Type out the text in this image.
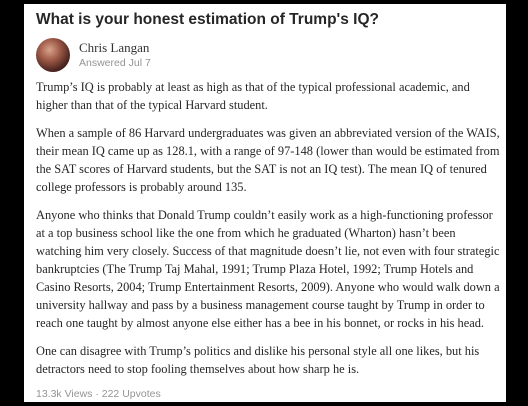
What is your honest estimation of Trump's IQ?
Chris Langan
Answered Jul 7

Trump’s IQ is probably at least as high as that of the typical professional academic, and higher than that of the typical Harvard student.

When a sample of 86 Harvard undergraduates was given an abbreviated version of the WAIS, their mean IQ came up as 128.1, with a range of 97-148 (lower than would be estimated from the SAT scores of Harvard students, but the SAT is not an IQ test). The mean IQ of tenured college professors is probably around 135.

Anyone who thinks that Donald Trump couldn’t easily work as a high-functioning professor at a top business school like the one from which he graduated (Wharton) hasn’t been watching him very closely. Success of that magnitude doesn’t lie, not even with four strategic bankruptcies (The Trump Taj Mahal, 1991; Trump Plaza Hotel, 1992; Trump Hotels and Casino Resorts, 2004; Trump Entertainment Resorts, 2009). Anyone who would walk down a university hallway and pass by a business management course taught by Trump in order to reach one taught by almost anyone else either has a bee in his bonnet, or rocks in his head.

One can disagree with Trump’s politics and dislike his personal style all one likes, but his detractors need to stop fooling themselves about how sharp he is.

13.3k Views · 222 Upvotes
